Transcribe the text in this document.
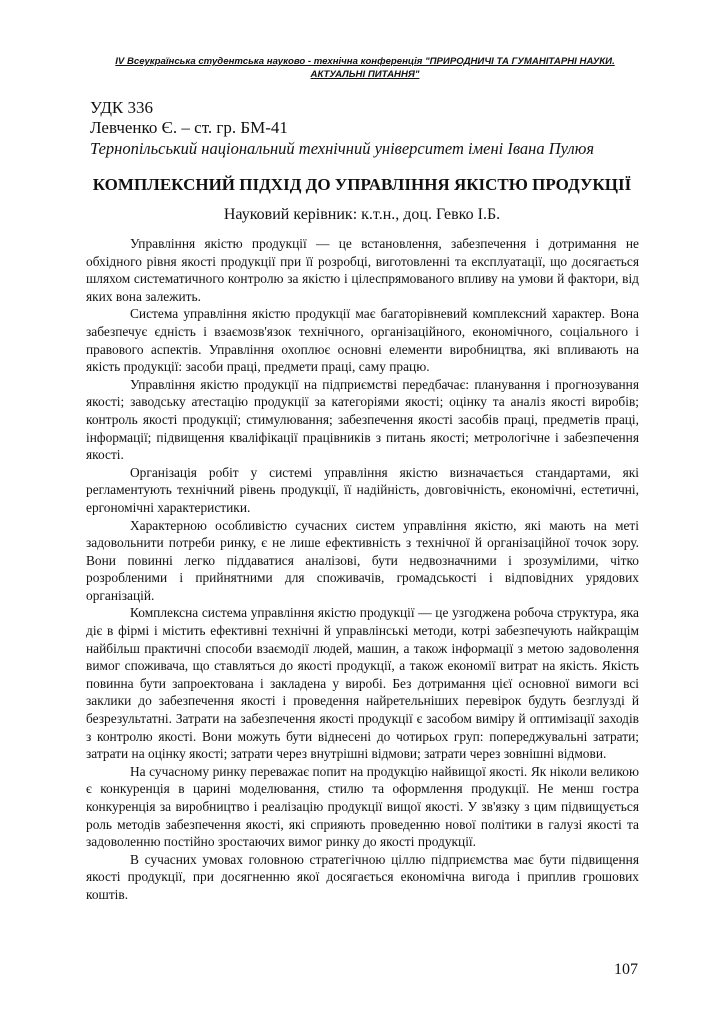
IV Всеукраїнська студентська науково - технічна конференція "ПРИРОДНИЧІ ТА ГУМАНІТАРНІ НАУКИ.
АКТУАЛЬНІ ПИТАННЯ"
УДК 336
Левченко Є. – ст. гр. БМ-41
Тернопільський національний технічний університет імені Івана Пулюя
КОМПЛЕКСНИЙ ПІДХІД ДО УПРАВЛІННЯ ЯКІСТЮ ПРОДУКЦІЇ
Науковий керівник: к.т.н., доц. Гевко І.Б.

Управління якістю продукції — це встановлення, забезпечення і дотримання не обхідного рівня якості продукції при її розробці, виготовленні та експлуатації, що досягається шляхом систематичного контролю за якістю і цілеспрямованого впливу на умови й фактори, від яких вона залежить.

Система управління якістю продукції має багаторівневий комплексний характер. Вона забезпечує єдність і взаємозв'язок технічного, організаційного, економічного, соціального і правового аспектів. Управління охоплює основні елементи виробництва, які впливають на якість продукції: засоби праці, предмети праці, саму працю.

Управління якістю продукції на підприємстві передбачає: планування і прогнозування якості; заводську атестацію продукції за категоріями якості; оцінку та аналіз якості виробів; контроль якості продукції; стимулювання; забезпечення якості засобів праці, предметів праці, інформації; підвищення кваліфікації працівників з питань якості; метрологічне і забезпечення якості.

Організація робіт у системі управління якістю визначається стандартами, які регламентують технічний рівень продукції, її надійність, довговічність, економічні, естетичні, ергономічні характеристики.

Характерною особливістю сучасних систем управління якістю, які мають на меті задовольнити потреби ринку, є не лише ефективність з технічної й організаційної точок зору. Вони повинні легко піддаватися аналізові, бути недвозначними і зрозумілими, чітко розробленими і прийнятними для споживачів, громадськості і відповідних урядових організацій.

Комплексна система управління якістю продукції — це узгоджена робоча структура, яка діє в фірмі і містить ефективні технічні й управлінські методи, котрі забезпечують найкращім найбільш практичні способи взаємодії людей, машин, а також інформації з метою задоволення вимог споживача, що ставляться до якості продукції, а також економії витрат на якість. Якість повинна бути запроектована і закладена у виробі. Без дотримання цієї основної вимоги всі заклики до забезпечення якості і проведення найретельніших перевірок будуть безглузді й безрезультатні. Затрати на забезпечення якості продукції є засобом виміру й оптимізації заходів з контролю якості. Вони можуть бути віднесені до чотирьох груп: попереджувальні затрати; затрати на оцінку якості; затрати через внутрішні відмови; затрати через зовнішні відмови.

На сучасному ринку переважає попит на продукцію найвищої якості. Як ніколи великою є конкуренція в царині моделювання, стилю та оформлення продукції. Не менш гостра конкуренція за виробництво і реалізацію продукції вищої якості. У зв'язку з цим підвищується роль методів забезпечення якості, які сприяють проведенню нової політики в галузі якості та задоволенню постійно зростаючих вимог ринку до якості продукції.

В сучасних умовах головною стратегічною ціллю підприємства має бути підвищення якості продукції, при досягненню якої досягається економічна вигода і приплив грошових коштів.

107
